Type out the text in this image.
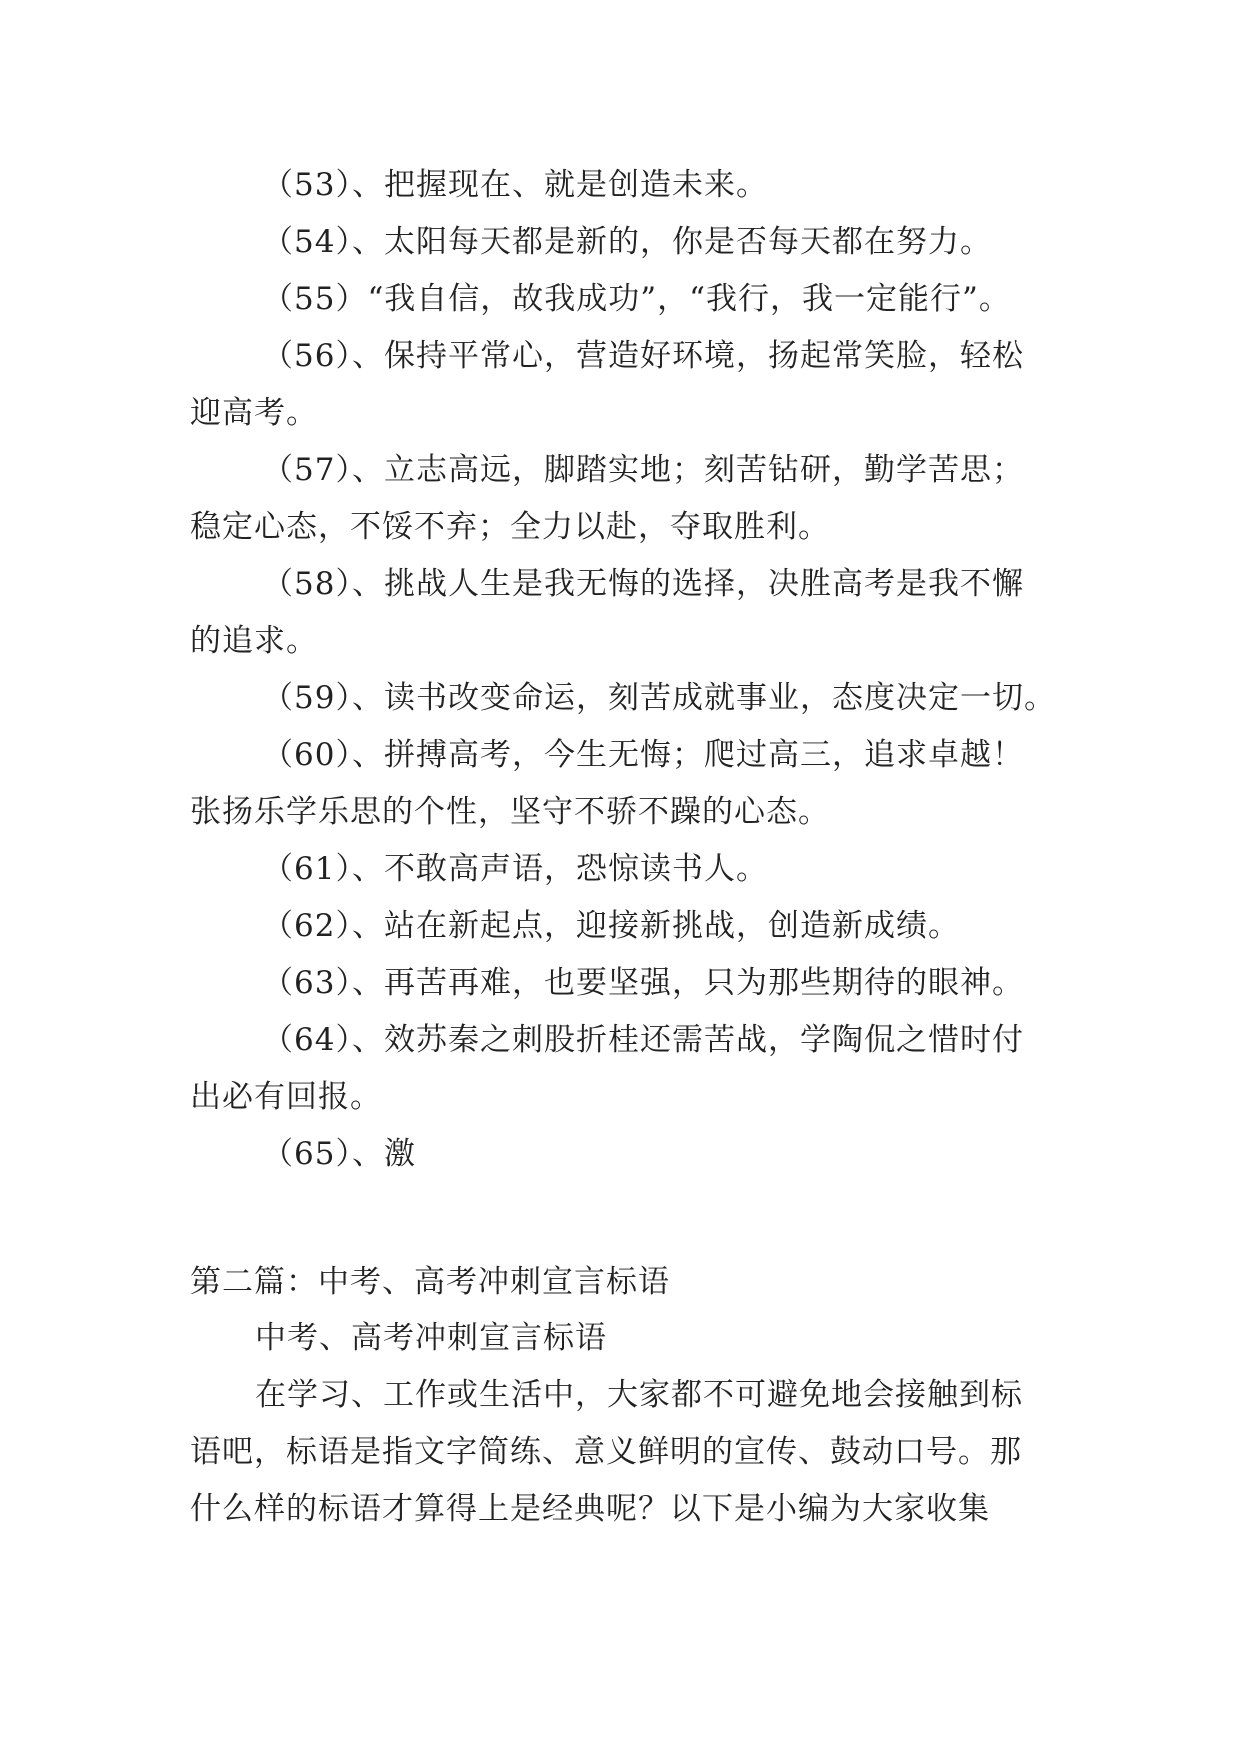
（53）、把握现在、就是创造未来。
（54）、太阳每天都是新的，你是否每天都在努力。
（55）“我自信，故我成功”，“我行，我一定能行”。
（56）、保持平常心，营造好环境，扬起常笑脸，轻松
迎高考。
（57）、立志高远，脚踏实地；刻苦钻研，勤学苦思；
稳定心态，不馁不弃；全力以赴，夺取胜利。
（58）、挑战人生是我无悔的选择，决胜高考是我不懈
的追求。
（59）、读书改变命运，刻苦成就事业，态度决定一切。
（60）、拼搏高考，今生无悔；爬过高三，追求卓越！
张扬乐学乐思的个性，坚守不骄不躁的心态。
（61）、不敢高声语，恐惊读书人。
（62）、站在新起点，迎接新挑战，创造新成绩。
（63）、再苦再难，也要坚强，只为那些期待的眼神。
（64）、效苏秦之刺股折桂还需苦战，学陶侃之惜时付
出必有回报。
（65）、激
第二篇：中考、高考冲刺宣言标语
中考、高考冲刺宣言标语
在学习、工作或生活中，大家都不可避免地会接触到标
语吧，标语是指文字简练、意义鲜明的宣传、鼓动口号。那
什么样的标语才算得上是经典呢？以下是小编为大家收集
